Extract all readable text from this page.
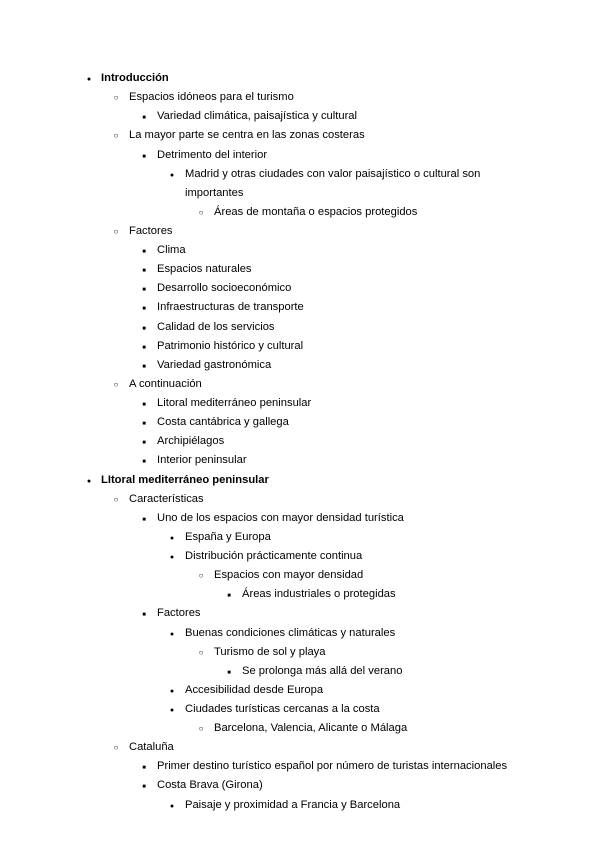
●
Introducción
○
Espacios idóneos para el turismo
■
Variedad climática, paisajística y cultural
○
La mayor parte se centra en las zonas costeras
■
Detrimento del interior
●
Madrid y otras ciudades con valor paisajístico o cultural son
importantes
○
Áreas de montaña o espacios protegidos
○
Factores
■
Clima
■
Espacios naturales
■
Desarrollo socioeconómico
■
Infraestructuras de transporte
■
Calidad de los servicios
■
Patrimonio histórico y cultural
■
Variedad gastronómica
○
A continuación
■
Litoral mediterráneo peninsular
■
Costa cantábrica y gallega
■
Archipiélagos
■
Interior peninsular
●
LItoral mediterráneo peninsular
○
Características
■
Uno de los espacios con mayor densidad turística
●
España y Europa
●
Distribución prácticamente continua
○
Espacios con mayor densidad
■
Áreas industriales o protegidas
■
Factores
●
Buenas condiciones climáticas y naturales
○
Turismo de sol y playa
■
Se prolonga más allá del verano
●
Accesibilidad desde Europa
●
Ciudades turísticas cercanas a la costa
○
Barcelona, Valencia, Alicante o Málaga
○
Cataluña
■
Primer destino turístico español por número de turistas internacionales
■
Costa Brava (Girona)
●
Paisaje y proximidad a Francia y Barcelona
